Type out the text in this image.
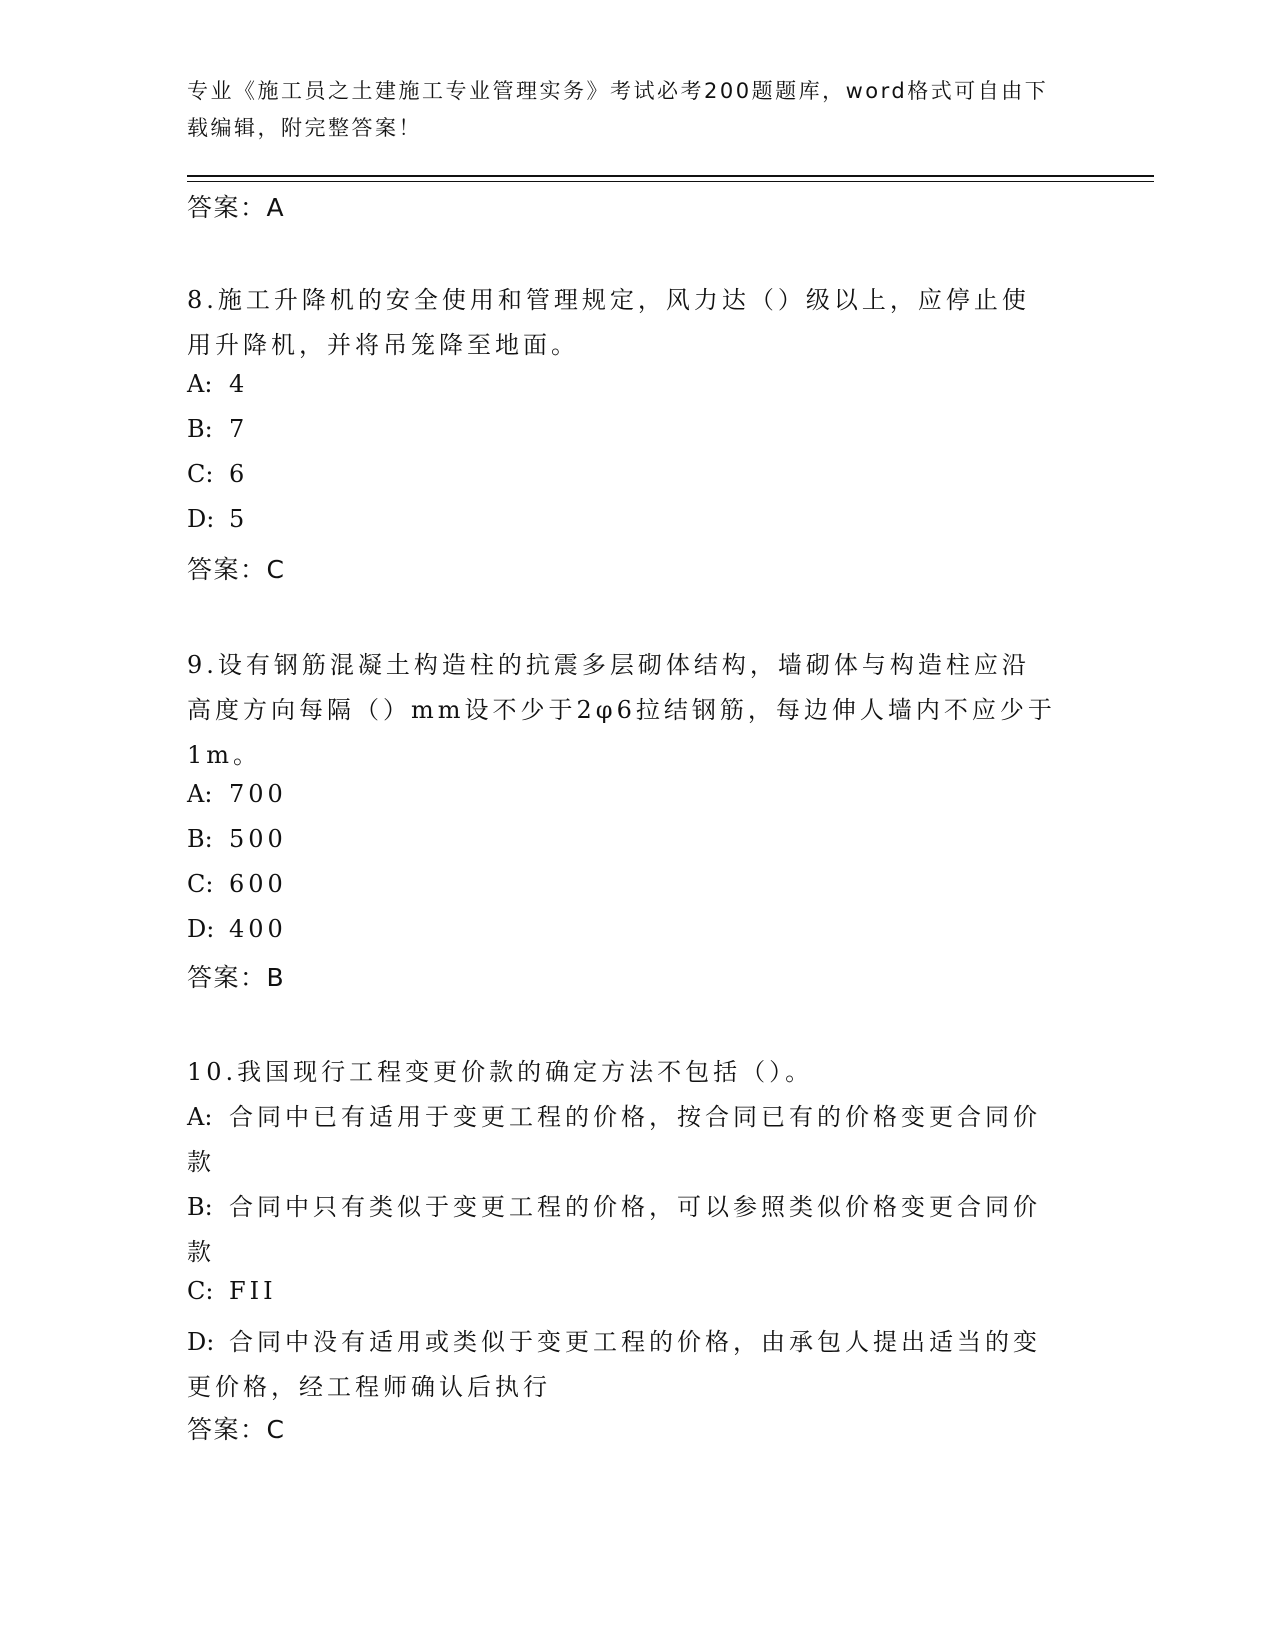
专业《施工员之土建施工专业管理实务》考试必考200题题库，word格式可自由下载编辑，附完整答案！
答案：A
8.施工升降机的安全使用和管理规定，风力达（）级以上，应停止使
用升降机，并将吊笼降至地面。
A: 4
B: 7
C: 6
D: 5
答案：C
9.设有钢筋混凝土构造柱的抗震多层砌体结构，墙砌体与构造柱应沿
高度方向每隔（）mm设不少于2φ6拉结钢筋，每边伸人墙内不应少于
1m。
A: 700
B: 500
C: 600
D: 400
答案：B
10.我国现行工程变更价款的确定方法不包括（）。
A: 合同中已有适用于变更工程的价格，按合同已有的价格变更合同价
款
B: 合同中只有类似于变更工程的价格，可以参照类似价格变更合同价
款
C: FII
D: 合同中没有适用或类似于变更工程的价格，由承包人提出适当的变
更价格，经工程师确认后执行
答案：C
